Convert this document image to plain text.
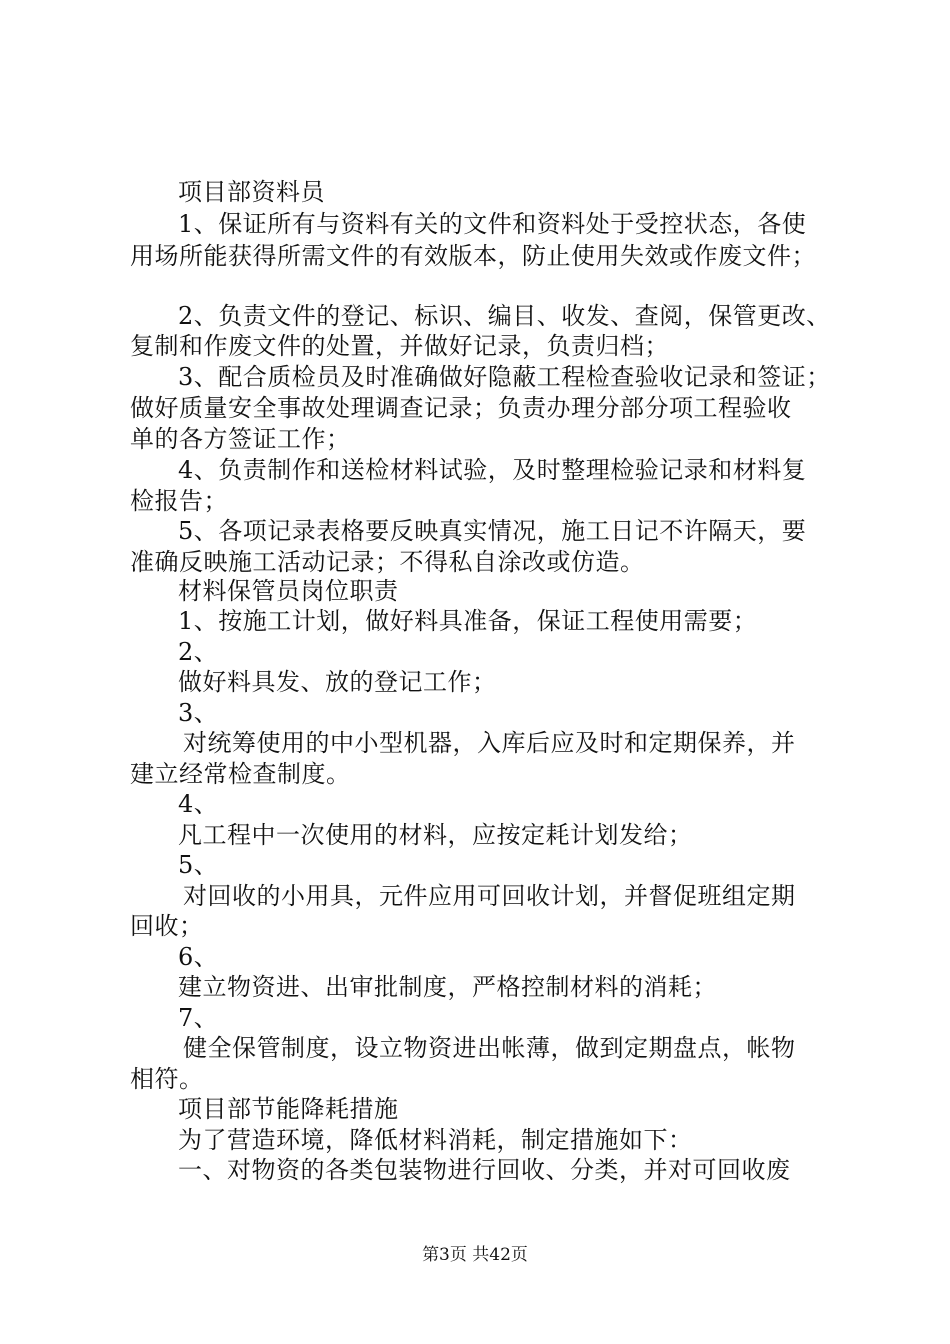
项目部资料员
1、保证所有与资料有关的文件和资料处于受控状态，各使
用场所能获得所需文件的有效版本，防止使用失效或作废文件；
2、负责文件的登记、标识、编目、收发、查阅，保管更改、
复制和作废文件的处置，并做好记录，负责归档；
3、配合质检员及时准确做好隐蔽工程检查验收记录和签证；
做好质量安全事故处理调查记录；负责办理分部分项工程验收
单的各方签证工作；
4、负责制作和送检材料试验，及时整理检验记录和材料复
检报告；
5、各项记录表格要反映真实情况，施工日记不许隔天，要
准确反映施工活动记录；不得私自涂改或仿造。
材料保管员岗位职责
1、按施工计划，做好料具准备，保证工程使用需要；
2、
做好料具发、放的登记工作；
3、
对统筹使用的中小型机器，入库后应及时和定期保养，并
建立经常检查制度。
4、
凡工程中一次使用的材料，应按定耗计划发给；
5、
对回收的小用具，元件应用可回收计划，并督促班组定期
回收；
6、
建立物资进、出审批制度，严格控制材料的消耗；
7、
健全保管制度，设立物资进出帐薄，做到定期盘点，帐物
相符。
项目部节能降耗措施
为了营造环境，降低材料消耗，制定措施如下：
一、对物资的各类包装物进行回收、分类，并对可回收废
第3页 共42页
